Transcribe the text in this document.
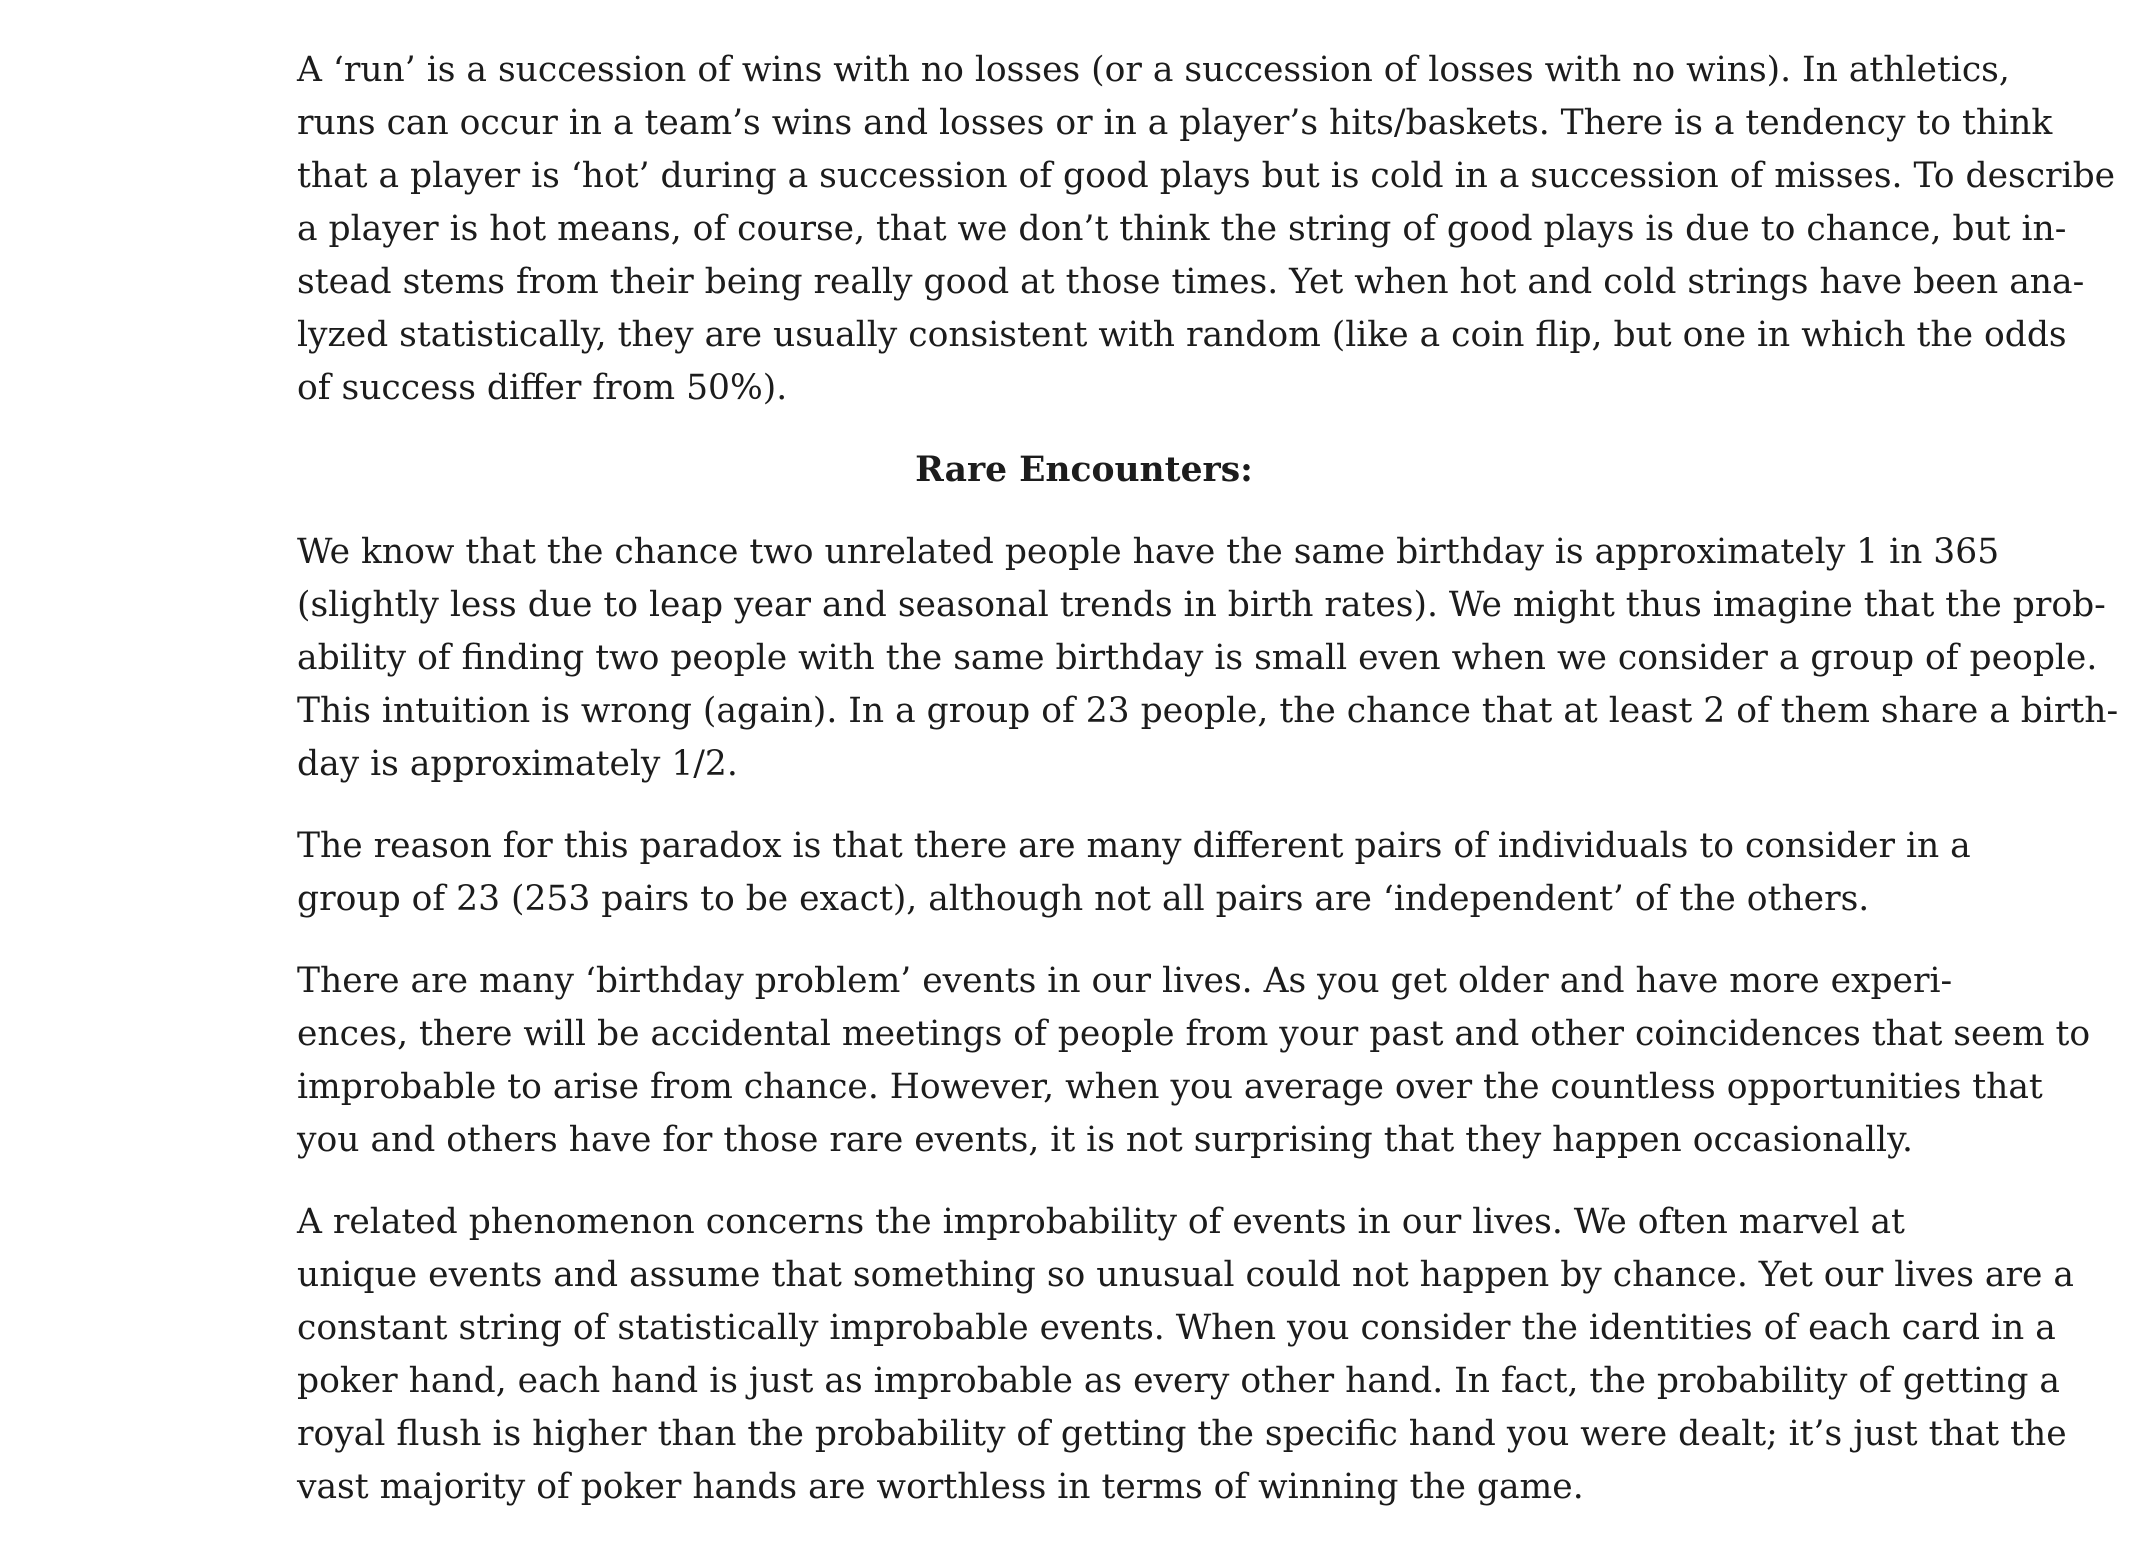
A ‘run’ is a succession of wins with no losses (or a succession of losses with no wins). In athletics,
runs can occur in a team’s wins and losses or in a player’s hits/baskets. There is a tendency to think
that a player is ‘hot’ during a succession of good plays but is cold in a succession of misses. To describe
a player is hot means, of course, that we don’t think the string of good plays is due to chance, but in-
stead stems from their being really good at those times. Yet when hot and cold strings have been ana-
lyzed statistically, they are usually consistent with random (like a coin flip, but one in which the odds
of success differ from 50%).

Rare Encounters:

We know that the chance two unrelated people have the same birthday is approximately 1 in 365
(slightly less due to leap year and seasonal trends in birth rates). We might thus imagine that the prob-
ability of finding two people with the same birthday is small even when we consider a group of people.
This intuition is wrong (again). In a group of 23 people, the chance that at least 2 of them share a birth-
day is approximately 1/2.

The reason for this paradox is that there are many different pairs of individuals to consider in a
group of 23 (253 pairs to be exact), although not all pairs are ‘independent’ of the others.

There are many ‘birthday problem’ events in our lives. As you get older and have more experi-
ences, there will be accidental meetings of people from your past and other coincidences that seem to
improbable to arise from chance. However, when you average over the countless opportunities that
you and others have for those rare events, it is not surprising that they happen occasionally.

A related phenomenon concerns the improbability of events in our lives. We often marvel at
unique events and assume that something so unusual could not happen by chance. Yet our lives are a
constant string of statistically improbable events. When you consider the identities of each card in a
poker hand, each hand is just as improbable as every other hand. In fact, the probability of getting a
royal flush is higher than the probability of getting the specific hand you were dealt; it’s just that the
vast majority of poker hands are worthless in terms of winning the game.
